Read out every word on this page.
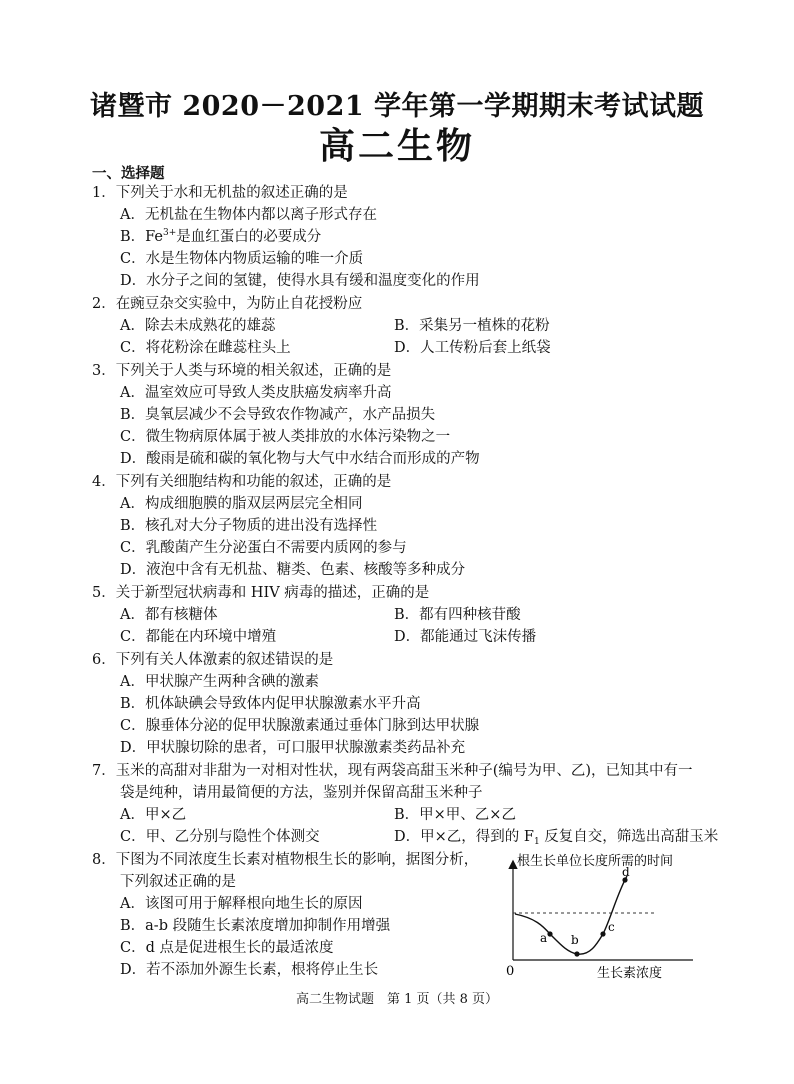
诸暨市 2020－2021 学年第一学期期末考试试题
高二生物
一、选择题
1．下列关于水和无机盐的叙述正确的是
A．无机盐在生物体内都以离子形式存在
B．$Fe^{3+}$是血红蛋白的必要成分
C．水是生物体内物质运输的唯一介质
D．水分子之间的氢键，使得水具有缓和温度变化的作用
2．在豌豆杂交实验中，为防止自花授粉应
A．除去未成熟花的雄蕊	B．采集另一植株的花粉
C．将花粉涂在雌蕊柱头上	D．人工传粉后套上纸袋
3．下列关于人类与环境的相关叙述，正确的是
A．温室效应可导致人类皮肤癌发病率升高
B．臭氧层减少不会导致农作物减产，水产品损失
C．微生物病原体属于被人类排放的水体污染物之一
D．酸雨是硫和碳的氧化物与大气中水结合而形成的产物
4．下列有关细胞结构和功能的叙述，正确的是
A．构成细胞膜的脂双层两层完全相同
B．核孔对大分子物质的进出没有选择性
C．乳酸菌产生分泌蛋白不需要内质网的参与
D．液泡中含有无机盐、糖类、色素、核酸等多种成分
5．关于新型冠状病毒和 HIV 病毒的描述，正确的是
A．都有核糖体	B．都有四种核苷酸
C．都能在内环境中增殖	D．都能通过飞沫传播
6．下列有关人体激素的叙述错误的是
A．甲状腺产生两种含碘的激素
B．机体缺碘会导致体内促甲状腺激素水平升高
C．腺垂体分泌的促甲状腺激素通过垂体门脉到达甲状腺
D．甲状腺切除的患者，可口服甲状腺激素类药品补充
7．玉米的高甜对非甜为一对相对性状，现有两袋高甜玉米种子(编号为甲、乙)，已知其中有一
袋是纯种，请用最简便的方法，鉴别并保留高甜玉米种子
A．甲×乙	B．甲×甲、乙×乙
C．甲、乙分别与隐性个体测交	D．甲×乙，得到的 $F_1$ 反复自交，筛选出高甜玉米
8．下图为不同浓度生长素对植物根生长的影响，据图分析，
下列叙述正确的是
A．该图可用于解释根向地生长的原因
B．a-b 段随生长素浓度增加抑制作用增强
C．d 点是促进根生长的最适浓度
D．若不添加外源生长素，根将停止生长
根生长单位长度所需的时间
生长素浓度
0
a b
c
d
高二生物试题　第 1 页（共 8 页）
